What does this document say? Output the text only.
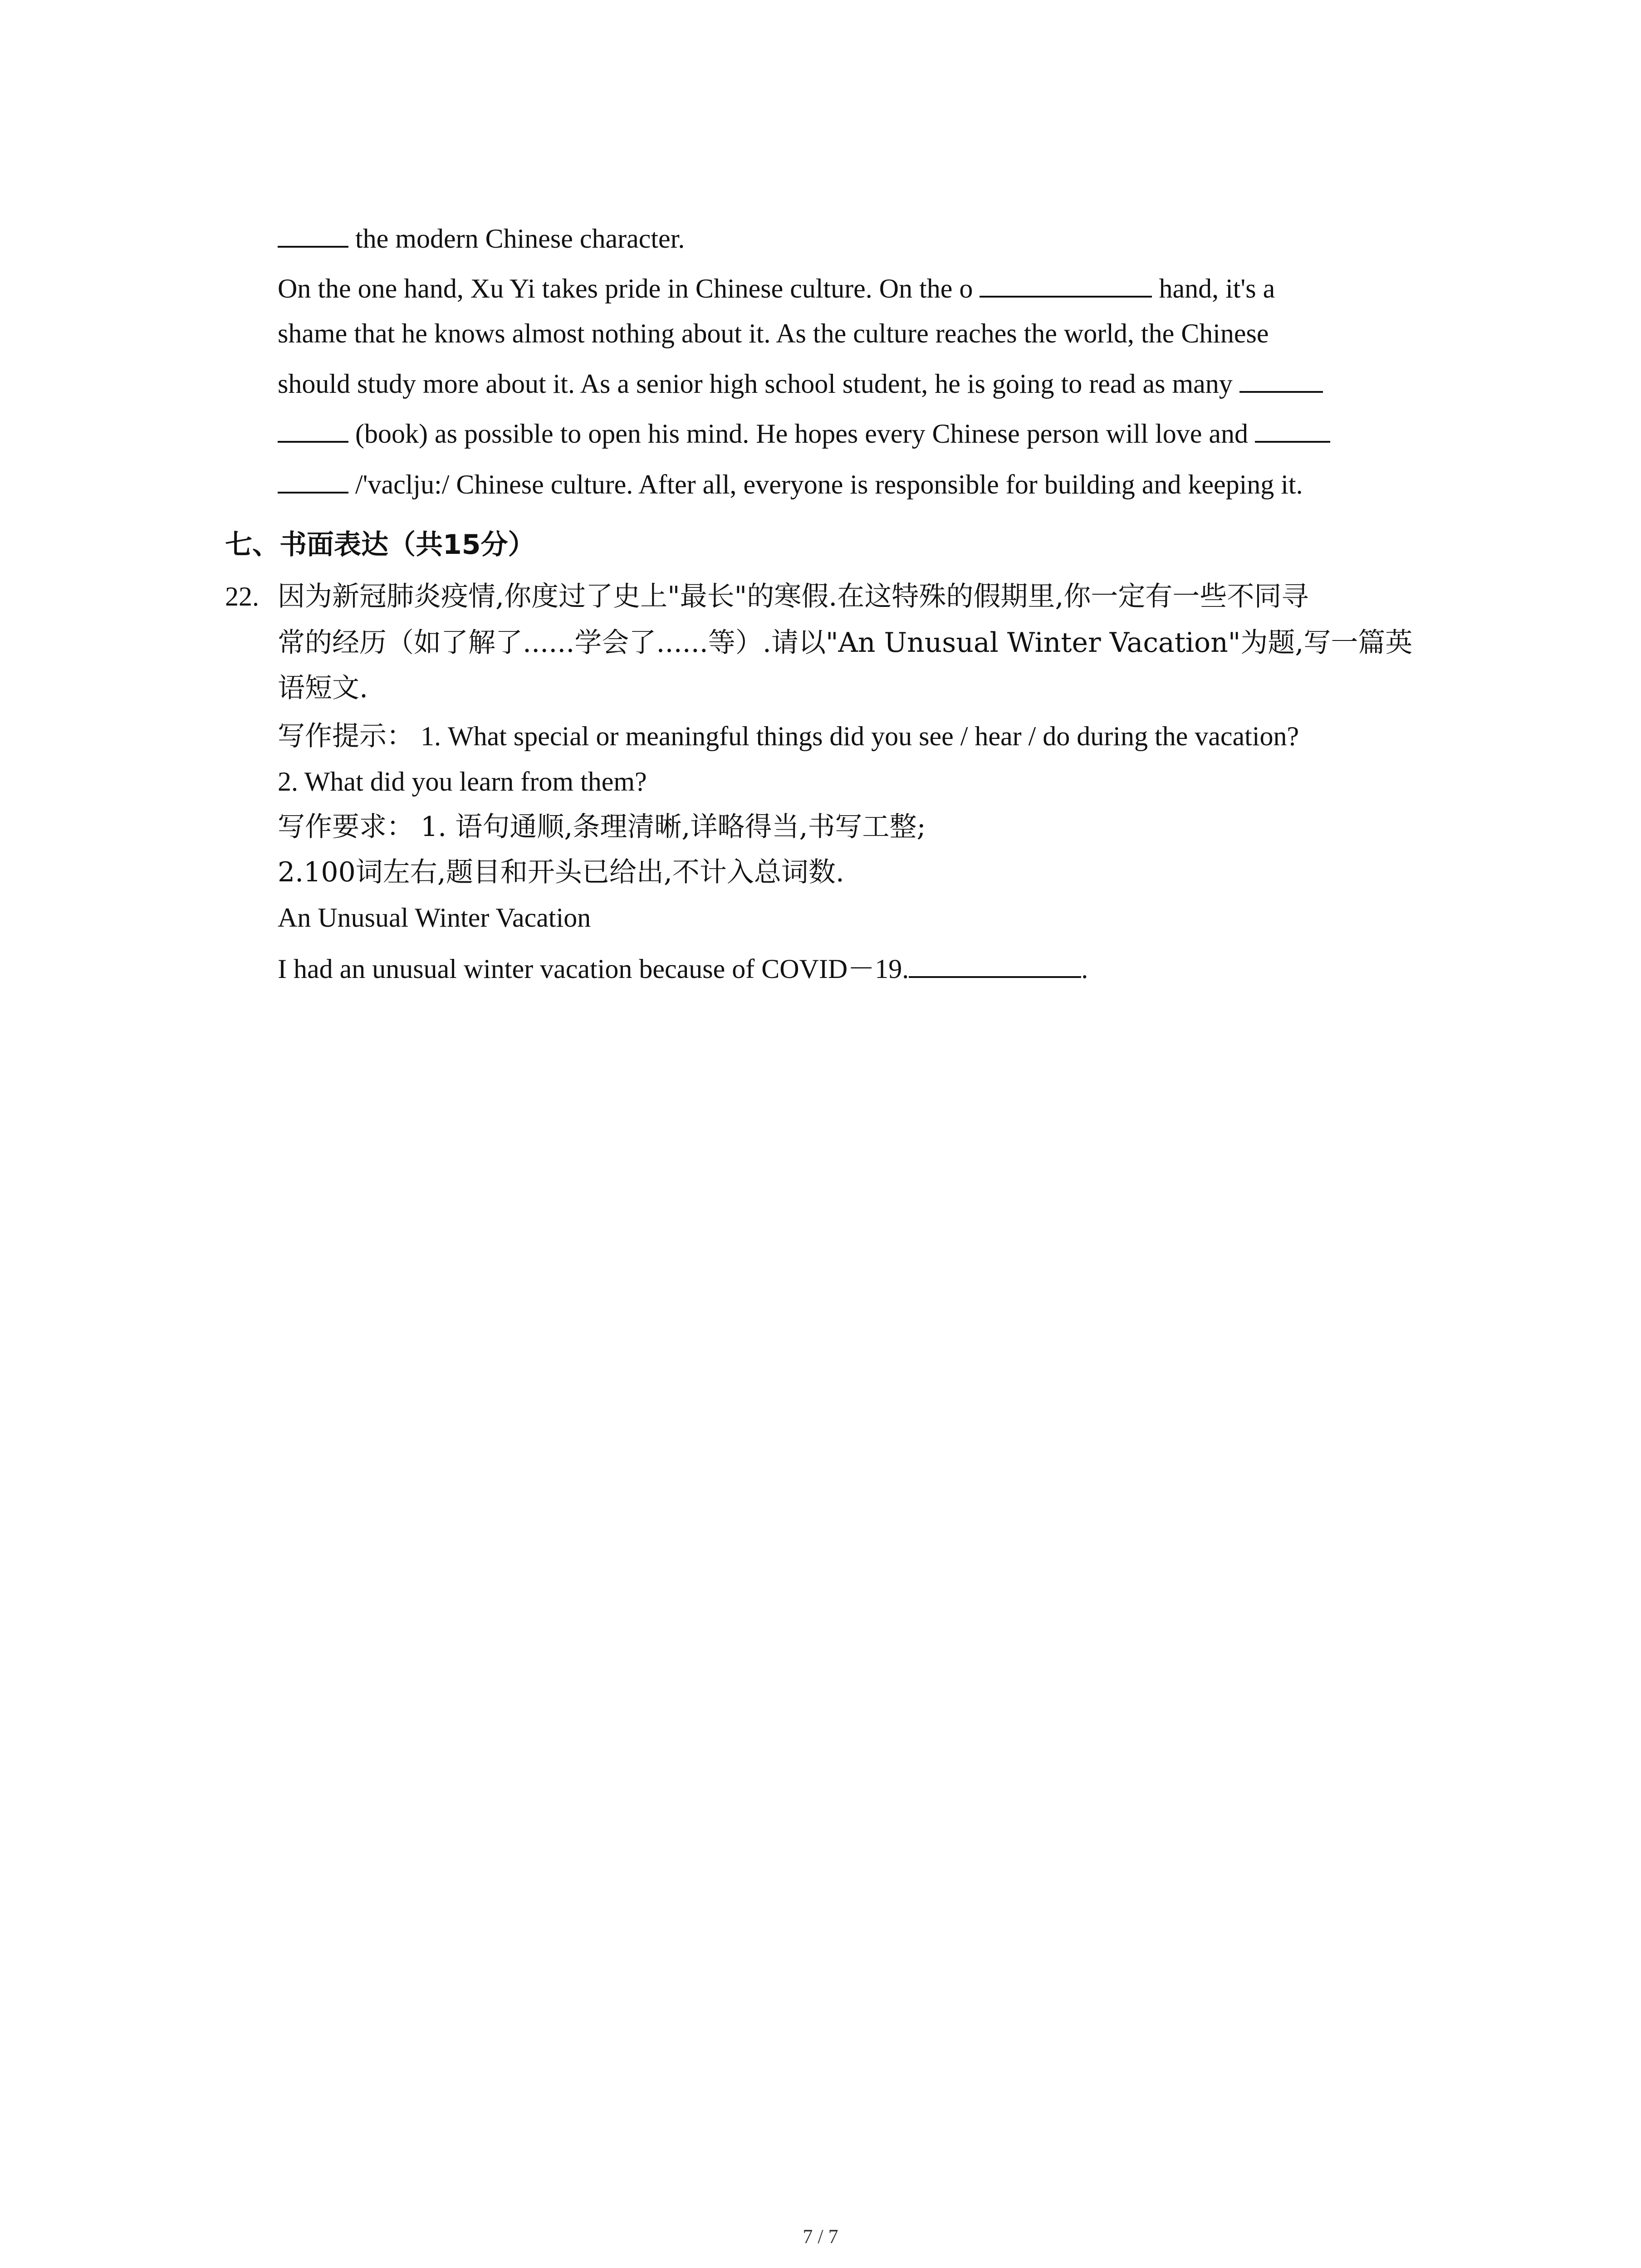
the modern Chinese character.
On the one hand, Xu Yi takes pride in Chinese culture. On the o	hand, it's a
shame that he knows almost nothing about it. As the culture reaches the world, the Chinese
should study more about it. As a senior high school student, he is going to read as many
(book) as possible to open his mind. He hopes every Chinese person will love and
/'vaclju:/ Chinese culture. After all, everyone is responsible for building and keeping it.
七、书面表达（共15分）
22. 因为新冠肺炎疫情,你度过了史上"最长"的寒假.在这特殊的假期里,你一定有一些不同寻
常的经历（如了解了......学会了......等）.请以"An Unusual Winter Vacation"为题,写一篇英
语短文.
写作提示： 1. What special or meaningful things did you see / hear / do during the vacation?
2. What did you learn from them?
写作要求： 1. 语句通顺,条理清晰,详略得当,书写工整;
2.100词左右,题目和开头已给出,不计入总词数.
An Unusual Winter Vacation
I had an unusual winter vacation because of COVID－19.	.
7 / 7
